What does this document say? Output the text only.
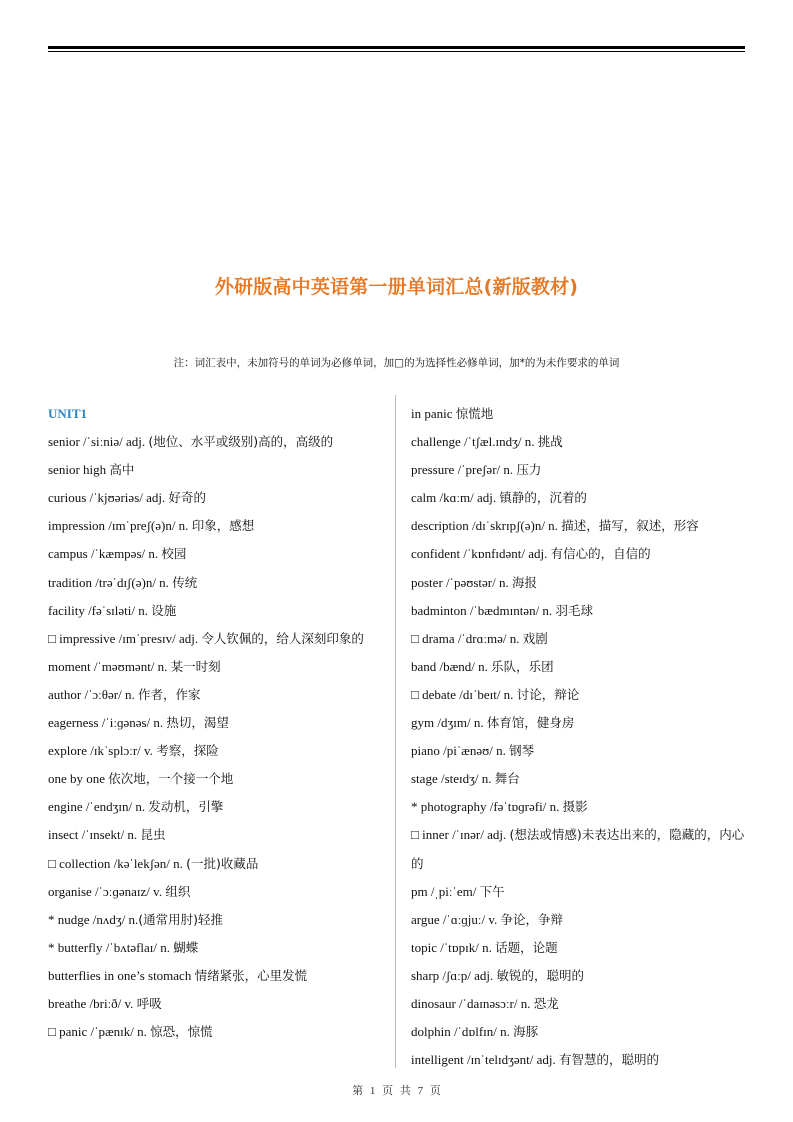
外研版高中英语第一册单词汇总(新版教材)
注：词汇表中，未加符号的单词为必修单词，加□的为选择性必修单词，加*的为未作要求的单词
UNIT1
senior /ˈsiːniə/ adj. (地位、水平或级别)高的，高级的
senior high 高中
curious /ˈkjʊəriəs/ adj. 好奇的
impression /ɪmˈpreʃ(ə)n/ n. 印象，感想
campus /ˈkæmpəs/ n. 校园
tradition /trəˈdɪʃ(ə)n/ n. 传统
facility /fəˈsɪləti/ n. 设施
□ impressive /ɪmˈpresɪv/ adj. 令人钦佩的，给人深刻印象的
moment /ˈməʊmənt/ n. 某一时刻
author /ˈɔːθər/ n. 作者，作家
eagerness /ˈiːɡənəs/ n. 热切，渴望
explore /ɪkˈsplɔːr/ v. 考察，探险
one by one 依次地，一个接一个地
engine /ˈendʒɪn/ n. 发动机，引擎
insect /ˈɪnsekt/ n. 昆虫
□ collection /kəˈlekʃən/ n. (一批)收藏品
organise /ˈɔːɡənaɪz/ v. 组织
* nudge /nʌdʒ/ n.(通常用肘)轻推
* butterfly /ˈbʌtəflaɪ/ n. 蝴蝶
butterflies in one’s stomach 情绪紧张，心里发慌
breathe /briːð/ v. 呼吸
□ panic /ˈpænɪk/ n. 惊恐，惊慌
in panic 惊慌地
challenge /ˈtʃæl.ɪndʒ/ n. 挑战
pressure /ˈpreʃər/ n. 压力
calm /kɑːm/ adj. 镇静的，沉着的
description /dɪˈskrɪpʃ(ə)n/ n. 描述，描写，叙述，形容
confident /ˈkɒnfɪdənt/ adj. 有信心的，自信的
poster /ˈpəʊstər/ n. 海报
badminton /ˈbædmɪntən/ n. 羽毛球
□ drama /ˈdrɑːmə/ n. 戏剧
band /bænd/ n. 乐队，乐团
□ debate /dɪˈbeɪt/ n. 讨论，辩论
gym /dʒɪm/ n. 体育馆，健身房
piano /piˈænəʊ/ n. 钢琴
stage /steɪdʒ/ n. 舞台
* photography /fəˈtɒɡrəfi/ n. 摄影
□ inner /ˈɪnər/ adj. (想法或情感)未表达出来的，隐藏的，内心的
pm /ˌpiːˈem/ 下午
argue /ˈɑːɡjuː/ v. 争论，争辩
topic /ˈtɒpɪk/ n. 话题，论题
sharp /ʃɑːp/ adj. 敏锐的，聪明的
dinosaur /ˈdaɪnəsɔːr/ n. 恐龙
dolphin /ˈdɒlfɪn/ n. 海豚
intelligent /ɪnˈtelɪdʒənt/ adj. 有智慧的，聪明的
第 1 页 共 7 页
